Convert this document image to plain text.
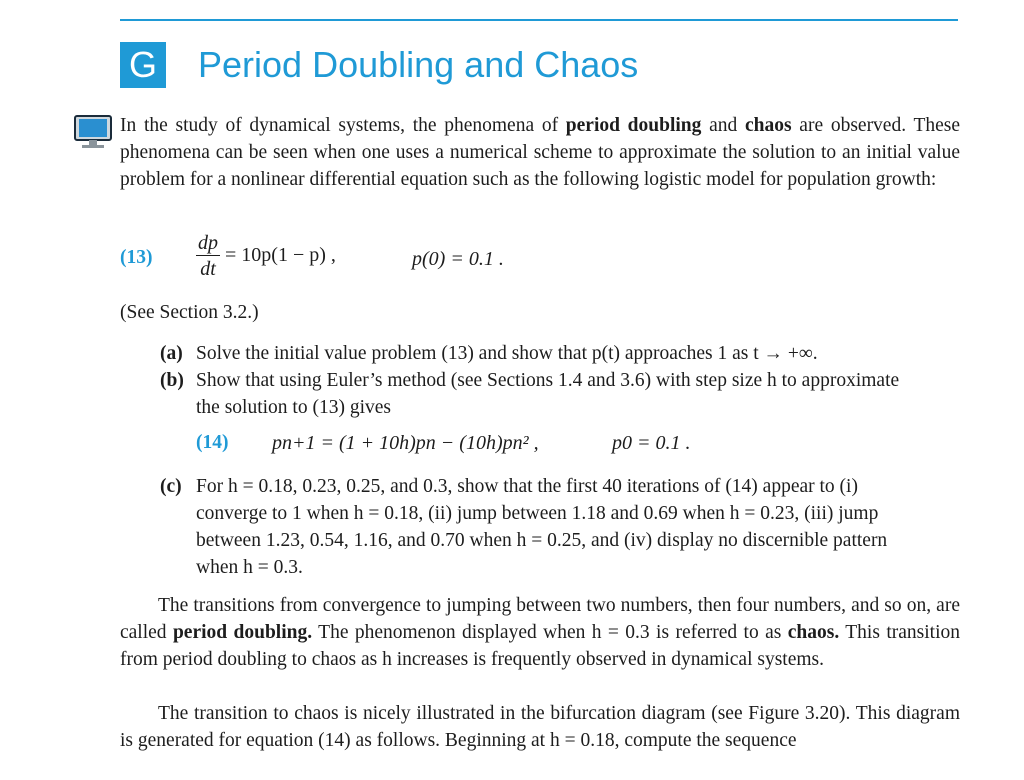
G Period Doubling and Chaos
In the study of dynamical systems, the phenomena of period doubling and chaos are observed. These phenomena can be seen when one uses a numerical scheme to approximate the solution to an initial value problem for a nonlinear differential equation such as the following logistic model for population growth:
$(13) \frac{dp}{dt} = 10p(1 - p)$ ,	p(0) = 0.1 .
(See Section 3.2.)
(a) Solve the initial value problem (13) and show that p(t) approaches 1 as t → +∞.
(b) Show that using Euler’s method (see Sections 1.4 and 3.6) with step size h to approximate the solution to (13) gives
(14) pn+1 = (1 + 10h)pn − (10h)pn² ,	p0 = 0.1 .
(c) For h = 0.18, 0.23, 0.25, and 0.3, show that the first 40 iterations of (14) appear to (i) converge to 1 when h = 0.18, (ii) jump between 1.18 and 0.69 when h = 0.23, (iii) jump between 1.23, 0.54, 1.16, and 0.70 when h = 0.25, and (iv) display no discernible pattern when h = 0.3.
The transitions from convergence to jumping between two numbers, then four numbers, and so on, are called period doubling. The phenomenon displayed when h = 0.3 is referred to as chaos. This transition from period doubling to chaos as h increases is frequently observed in dynamical systems.
The transition to chaos is nicely illustrated in the bifurcation diagram (see Figure 3.20). This diagram is generated for equation (14) as follows. Beginning at h = 0.18, compute the sequence
